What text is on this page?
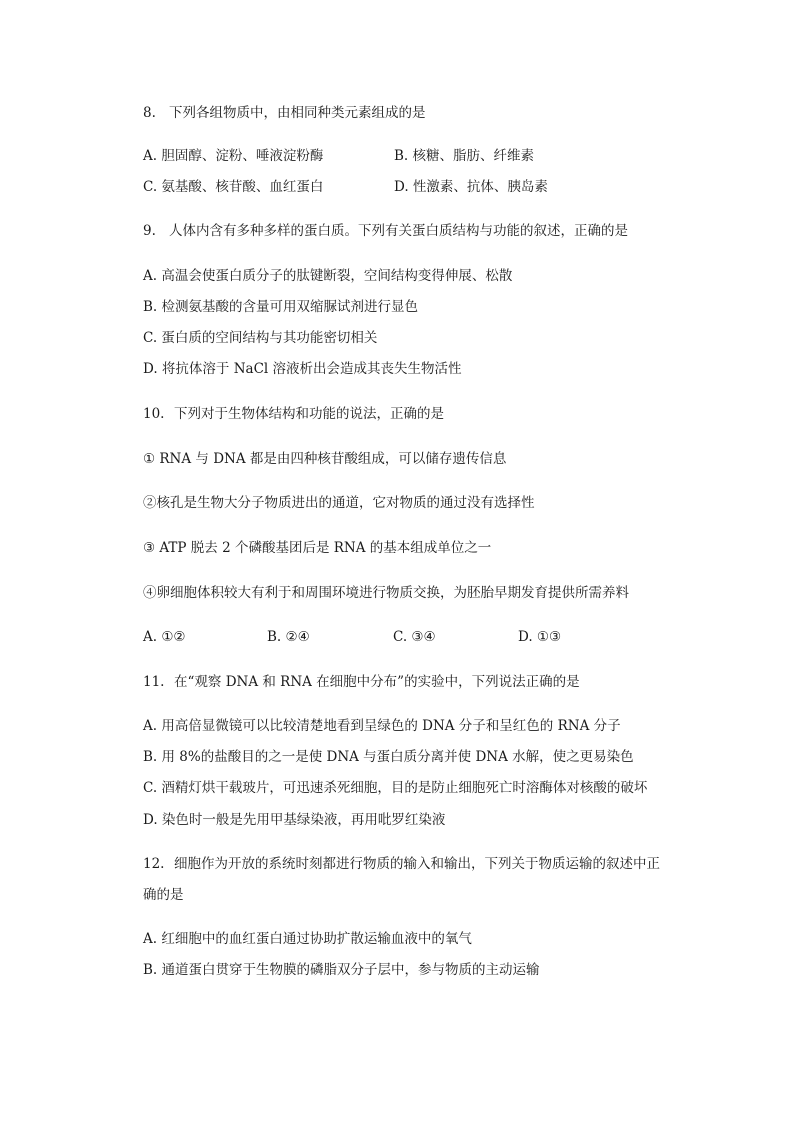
8. 下列各组物质中，由相同种类元素组成的是
A. 胆固醇、淀粉、唾液淀粉酶	B. 核糖、脂肪、纤维素
C. 氨基酸、核苷酸、血红蛋白	D. 性激素、抗体、胰岛素
9. 人体内含有多种多样的蛋白质。下列有关蛋白质结构与功能的叙述，正确的是
A. 高温会使蛋白质分子的肽键断裂，空间结构变得伸展、松散
B. 检测氨基酸的含量可用双缩脲试剂进行显色
C. 蛋白质的空间结构与其功能密切相关
D. 将抗体溶于 NaCl 溶液析出会造成其丧失生物活性
10. 下列对于生物体结构和功能的说法，正确的是
① RNA 与 DNA 都是由四种核苷酸组成，可以储存遗传信息
②核孔是生物大分子物质进出的通道，它对物质的通过没有选择性
③ ATP 脱去 2 个磷酸基团后是 RNA 的基本组成单位之一
④卵细胞体积较大有利于和周围环境进行物质交换，为胚胎早期发育提供所需养料
A. ①②	B. ②④	C. ③④	D. ①③
11. 在“观察 DNA 和 RNA 在细胞中分布”的实验中，下列说法正确的是
A. 用高倍显微镜可以比较清楚地看到呈绿色的 DNA 分子和呈红色的 RNA 分子
B. 用 8%的盐酸目的之一是使 DNA 与蛋白质分离并使 DNA 水解，使之更易染色
C. 酒精灯烘干载玻片，可迅速杀死细胞，目的是防止细胞死亡时溶酶体对核酸的破坏
D. 染色时一般是先用甲基绿染液，再用吡罗红染液
12. 细胞作为开放的系统时刻都进行物质的输入和输出，下列关于物质运输的叙述中正
确的是
A. 红细胞中的血红蛋白通过协助扩散运输血液中的氧气
B. 通道蛋白贯穿于生物膜的磷脂双分子层中，参与物质的主动运输
